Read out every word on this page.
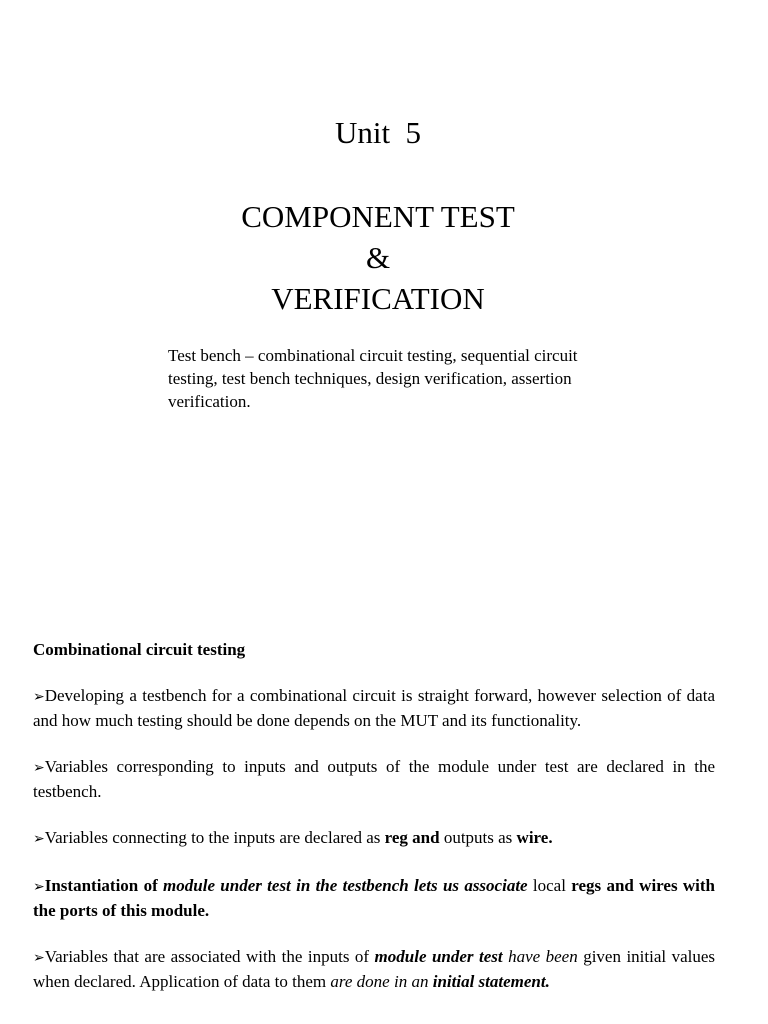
Unit  5
COMPONENT TEST
&
VERIFICATION
Test bench – combinational circuit testing, sequential circuit testing, test bench techniques, design verification, assertion verification.
Combinational circuit testing
➢Developing a testbench for a combinational circuit is straight forward, however selection of data and how much testing should be done depends on the MUT and its functionality.
➢Variables corresponding to inputs and outputs of the module under test are declared in the testbench.
➢Variables connecting to the inputs are declared as reg and outputs as wire.
➢Instantiation of module under test in the testbench lets us associate local regs and wires with the ports of this module.
➢Variables that are associated with the inputs of module under test have been given initial values when declared. Application of data to them are done in an initial statement.
